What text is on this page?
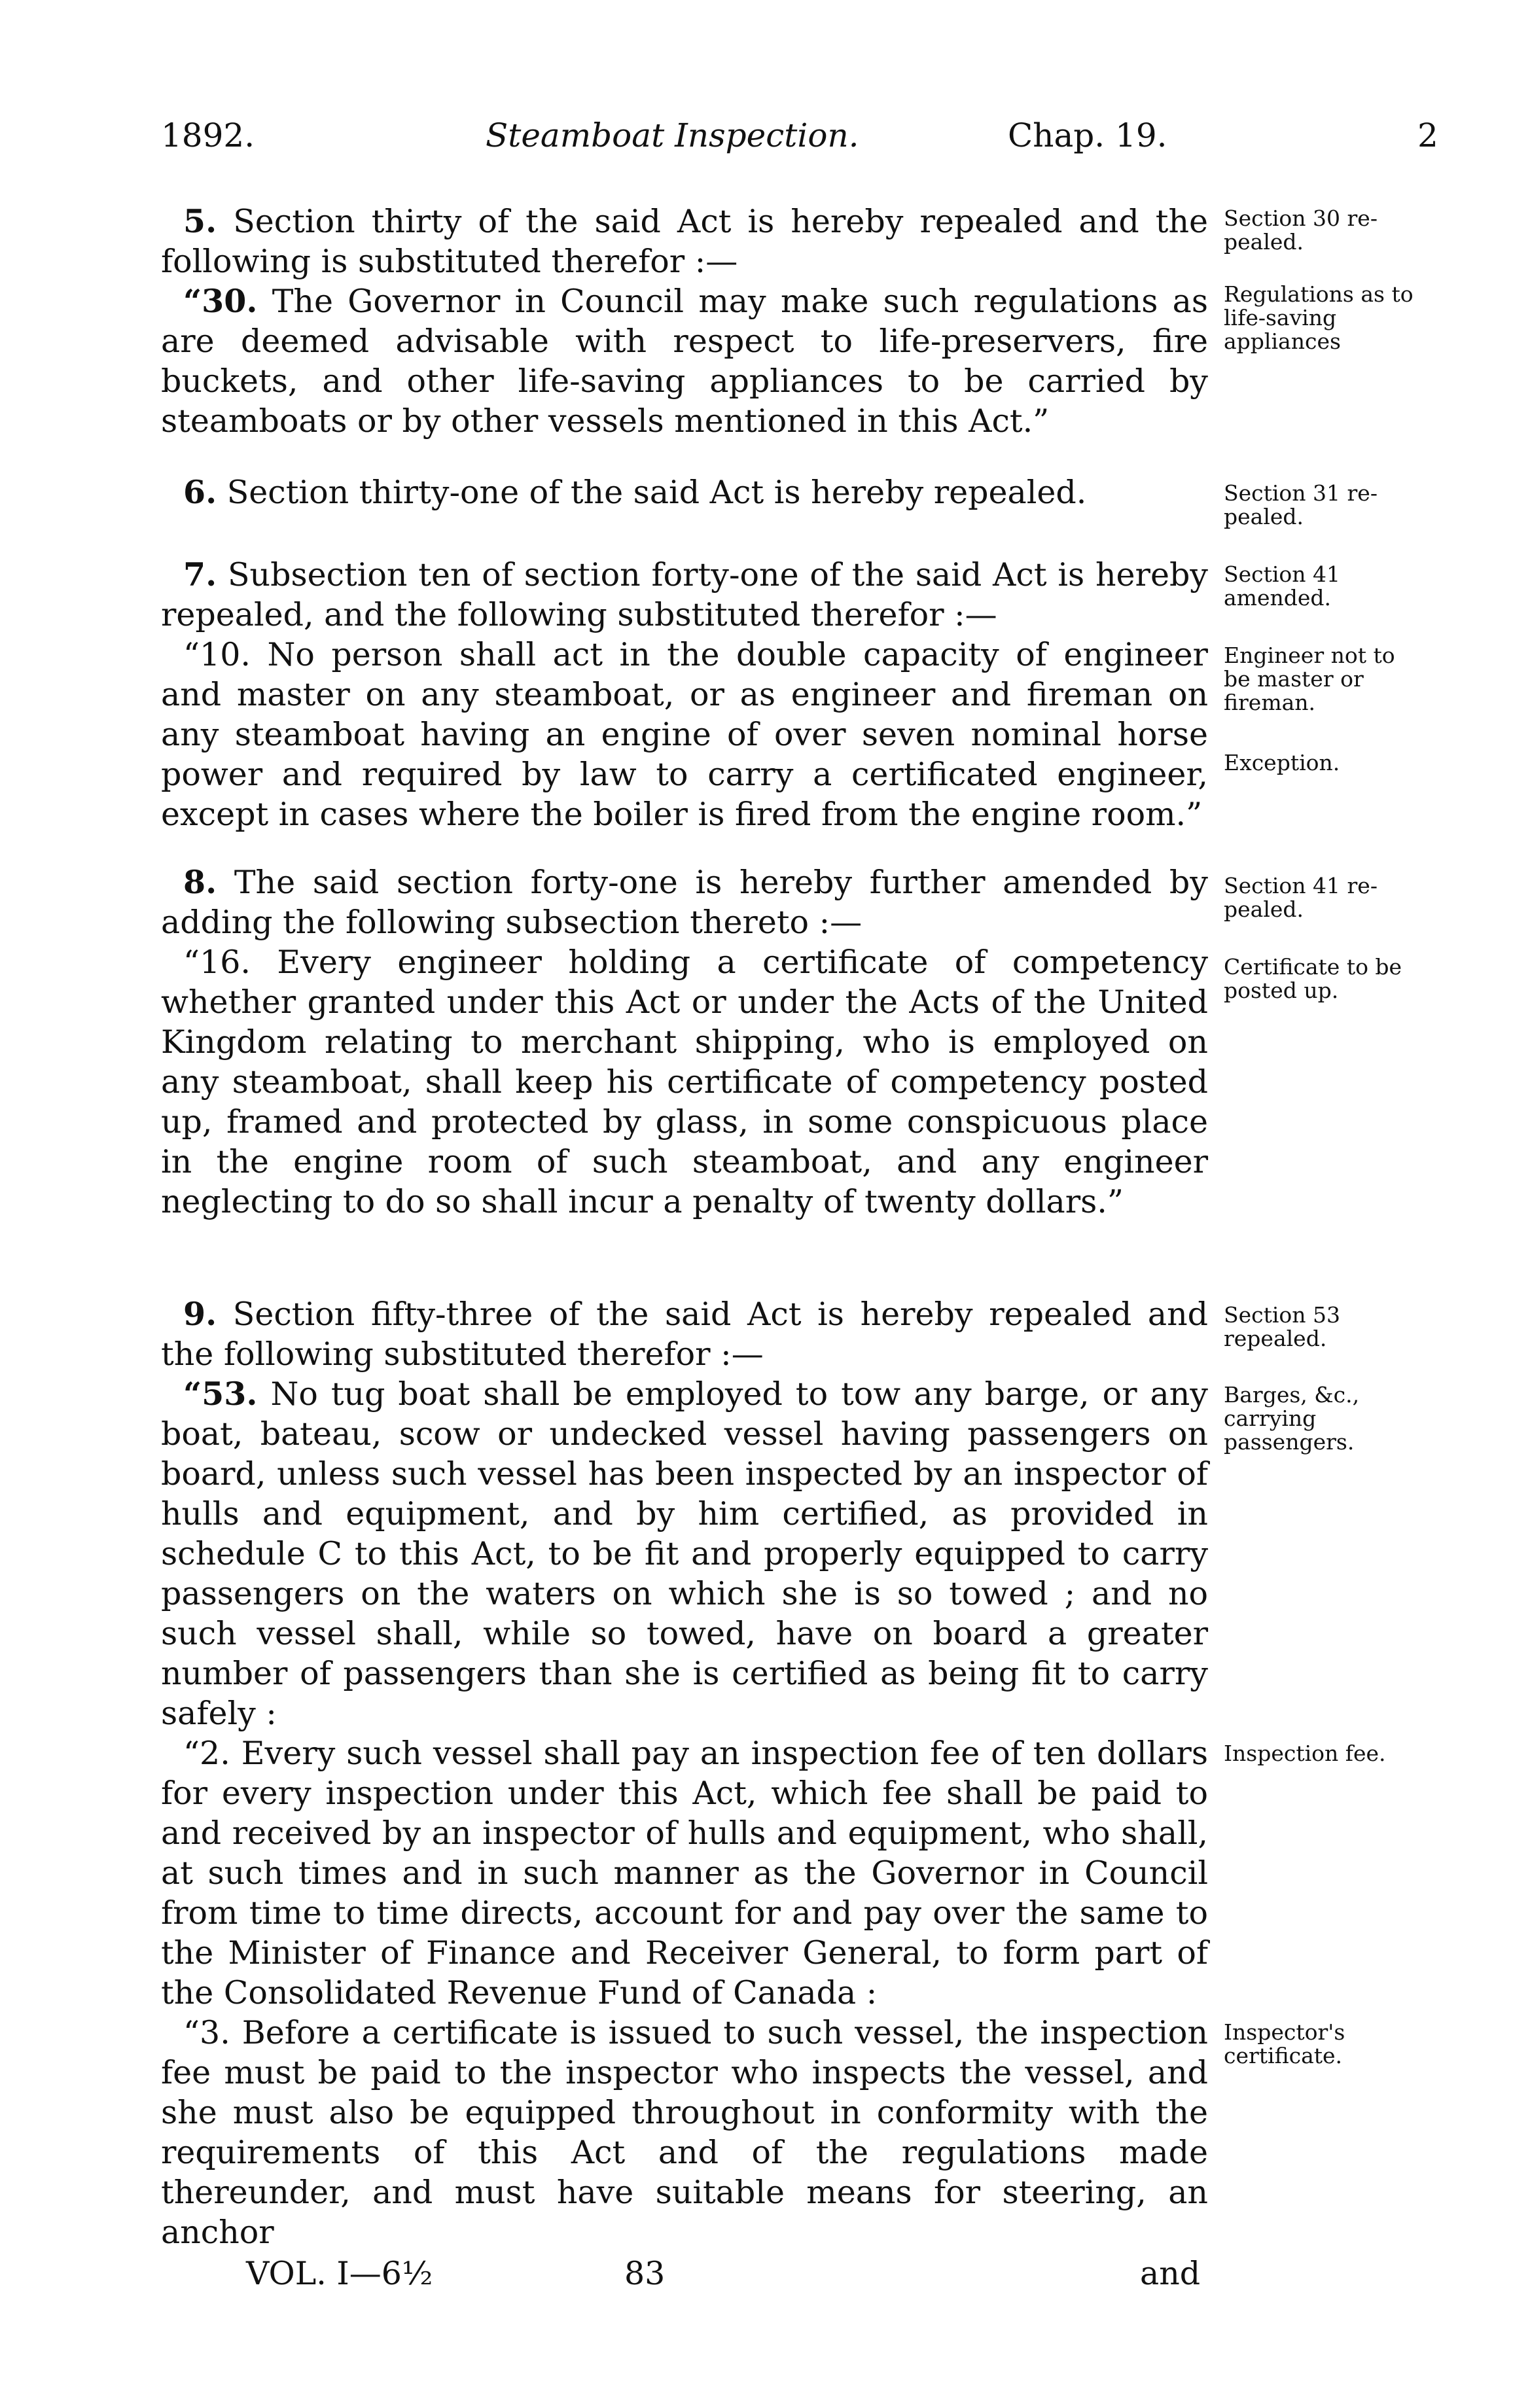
1892.	Steamboat Inspection.	Chap. 19.	2

5. Section thirty of the said Act is hereby repealed and the following is substituted therefor :—

“30. The Governor in Council may make such regulations as are deemed advisable with respect to life-preservers, fire buckets, and other life-saving appliances to be carried by steamboats or by other vessels mentioned in this Act.”

6. Section thirty-one of the said Act is hereby repealed.

7. Subsection ten of section forty-one of the said Act is hereby repealed, and the following substituted therefor :—

“10. No person shall act in the double capacity of engineer and master on any steamboat, or as engineer and fireman on any steamboat having an engine of over seven nominal horse power and required by law to carry a certificated engineer, except in cases where the boiler is fired from the engine room.”

8. The said section forty-one is hereby further amended by adding the following subsection thereto :—

“16. Every engineer holding a certificate of competency whether granted under this Act or under the Acts of the United Kingdom relating to merchant shipping, who is employed on any steamboat, shall keep his certificate of competency posted up, framed and protected by glass, in some conspicuous place in the engine room of such steamboat, and any engineer neglecting to do so shall incur a penalty of twenty dollars.”

9. Section fifty-three of the said Act is hereby repealed and the following substituted therefor :—

“53. No tug boat shall be employed to tow any barge, or any boat, bateau, scow or undecked vessel having passengers on board, unless such vessel has been inspected by an inspector of hulls and equipment, and by him certified, as provided in schedule C to this Act, to be fit and properly equipped to carry passengers on the waters on which she is so towed ; and no such vessel shall, while so towed, have on board a greater number of passengers than she is certified as being fit to carry safely :

“2. Every such vessel shall pay an inspection fee of ten dollars for every inspection under this Act, which fee shall be paid to and received by an inspector of hulls and equipment, who shall, at such times and in such manner as the Governor in Council from time to time directs, account for and pay over the same to the Minister of Finance and Receiver General, to form part of the Consolidated Revenue Fund of Canada :

“3. Before a certificate is issued to such vessel, the inspection fee must be paid to the inspector who inspects the vessel, and she must also be equipped throughout in conformity with the requirements of this Act and of the regulations made thereunder, and must have suitable means for steering, an anchor

Section 30 re-pealed.
Regulations as to life-saving appliances
Section 31 re-pealed.
Section 41 amended.
Engineer not to be master or fireman.
Exception.
Section 41 re-pealed.
Certificate to be posted up.
Section 53 repealed.
Barges, &c., carrying passengers.
Inspection fee.
Inspector's certificate.
VOL. I—6½	83	and
